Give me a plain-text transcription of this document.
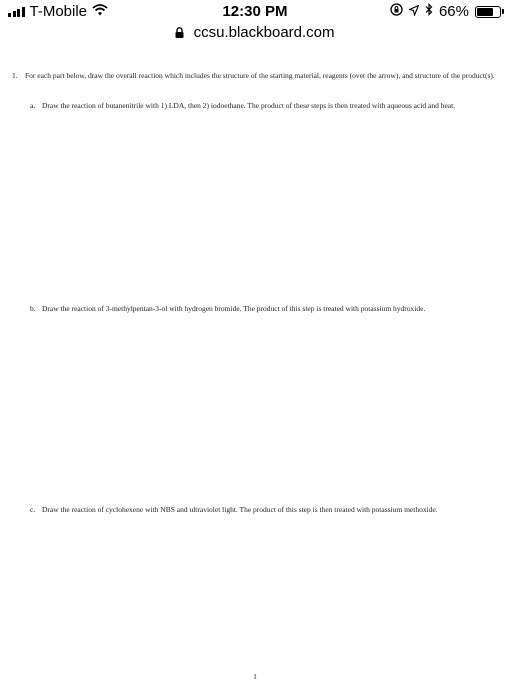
T-Mobile	12:30 PM	66%
ccsu.blackboard.com
1. For each part below, draw the overall reaction which includes the structure of the starting material, reagents (over the arrow), and structure of the product(s).
a. Draw the reaction of butanenitrile with 1) LDA, then 2) iodoethane. The product of these steps is then treated with aqueous acid and heat.
b. Draw the reaction of 3-methylpentan-3-ol with hydrogen bromide. The product of this step is treated with potassium hydroxide.
c. Draw the reaction of cyclohexene with NBS and ultraviolet light. The product of this step is then treated with potassium methoxide.
1
